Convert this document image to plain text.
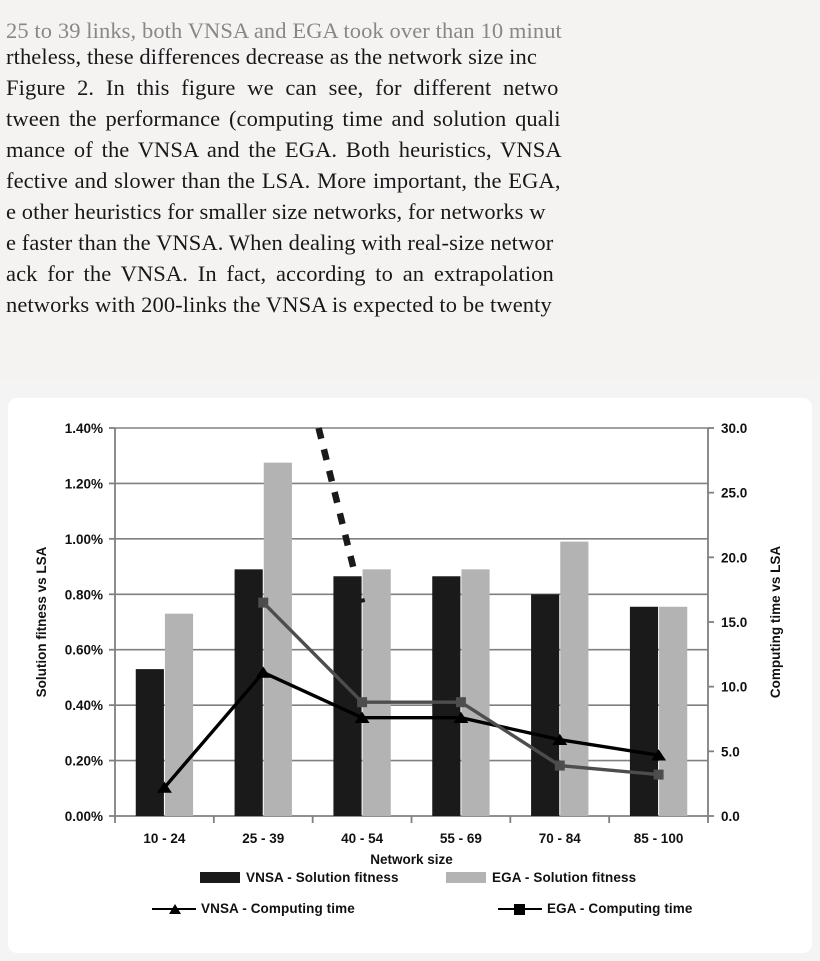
25 to 39 links, both VNSA and EGA took over than 10 minut
rtheless, these differences decrease as the network size inc
Figure 2. In this figure we can see, for different netwo
tween the performance (computing time and solution quali
mance of the VNSA and the EGA. Both heuristics, VNSA
fective and slower than the LSA. More important, the EGA,
e other heuristics for smaller size networks, for networks w
e faster than the VNSA. When dealing with real-size networ
ack for the VNSA. In fact, according to an extrapolation
networks with 200-links the VNSA is expected to be twenty
0.00%
0.20%
0.40%
0.60%
0.80%
1.00%
1.20%
1.40%
0.0
5.0
10.0
15.0
20.0
25.0
30.0
10 - 24	25 - 39	40 - 54	55 - 69	70 - 84	85 - 100
Network size
Solution fitness vs LSA	Computing time vs LSA
VNSA - Solution fitness	EGA - Solution fitness
VNSA - Computing time	EGA - Computing time
